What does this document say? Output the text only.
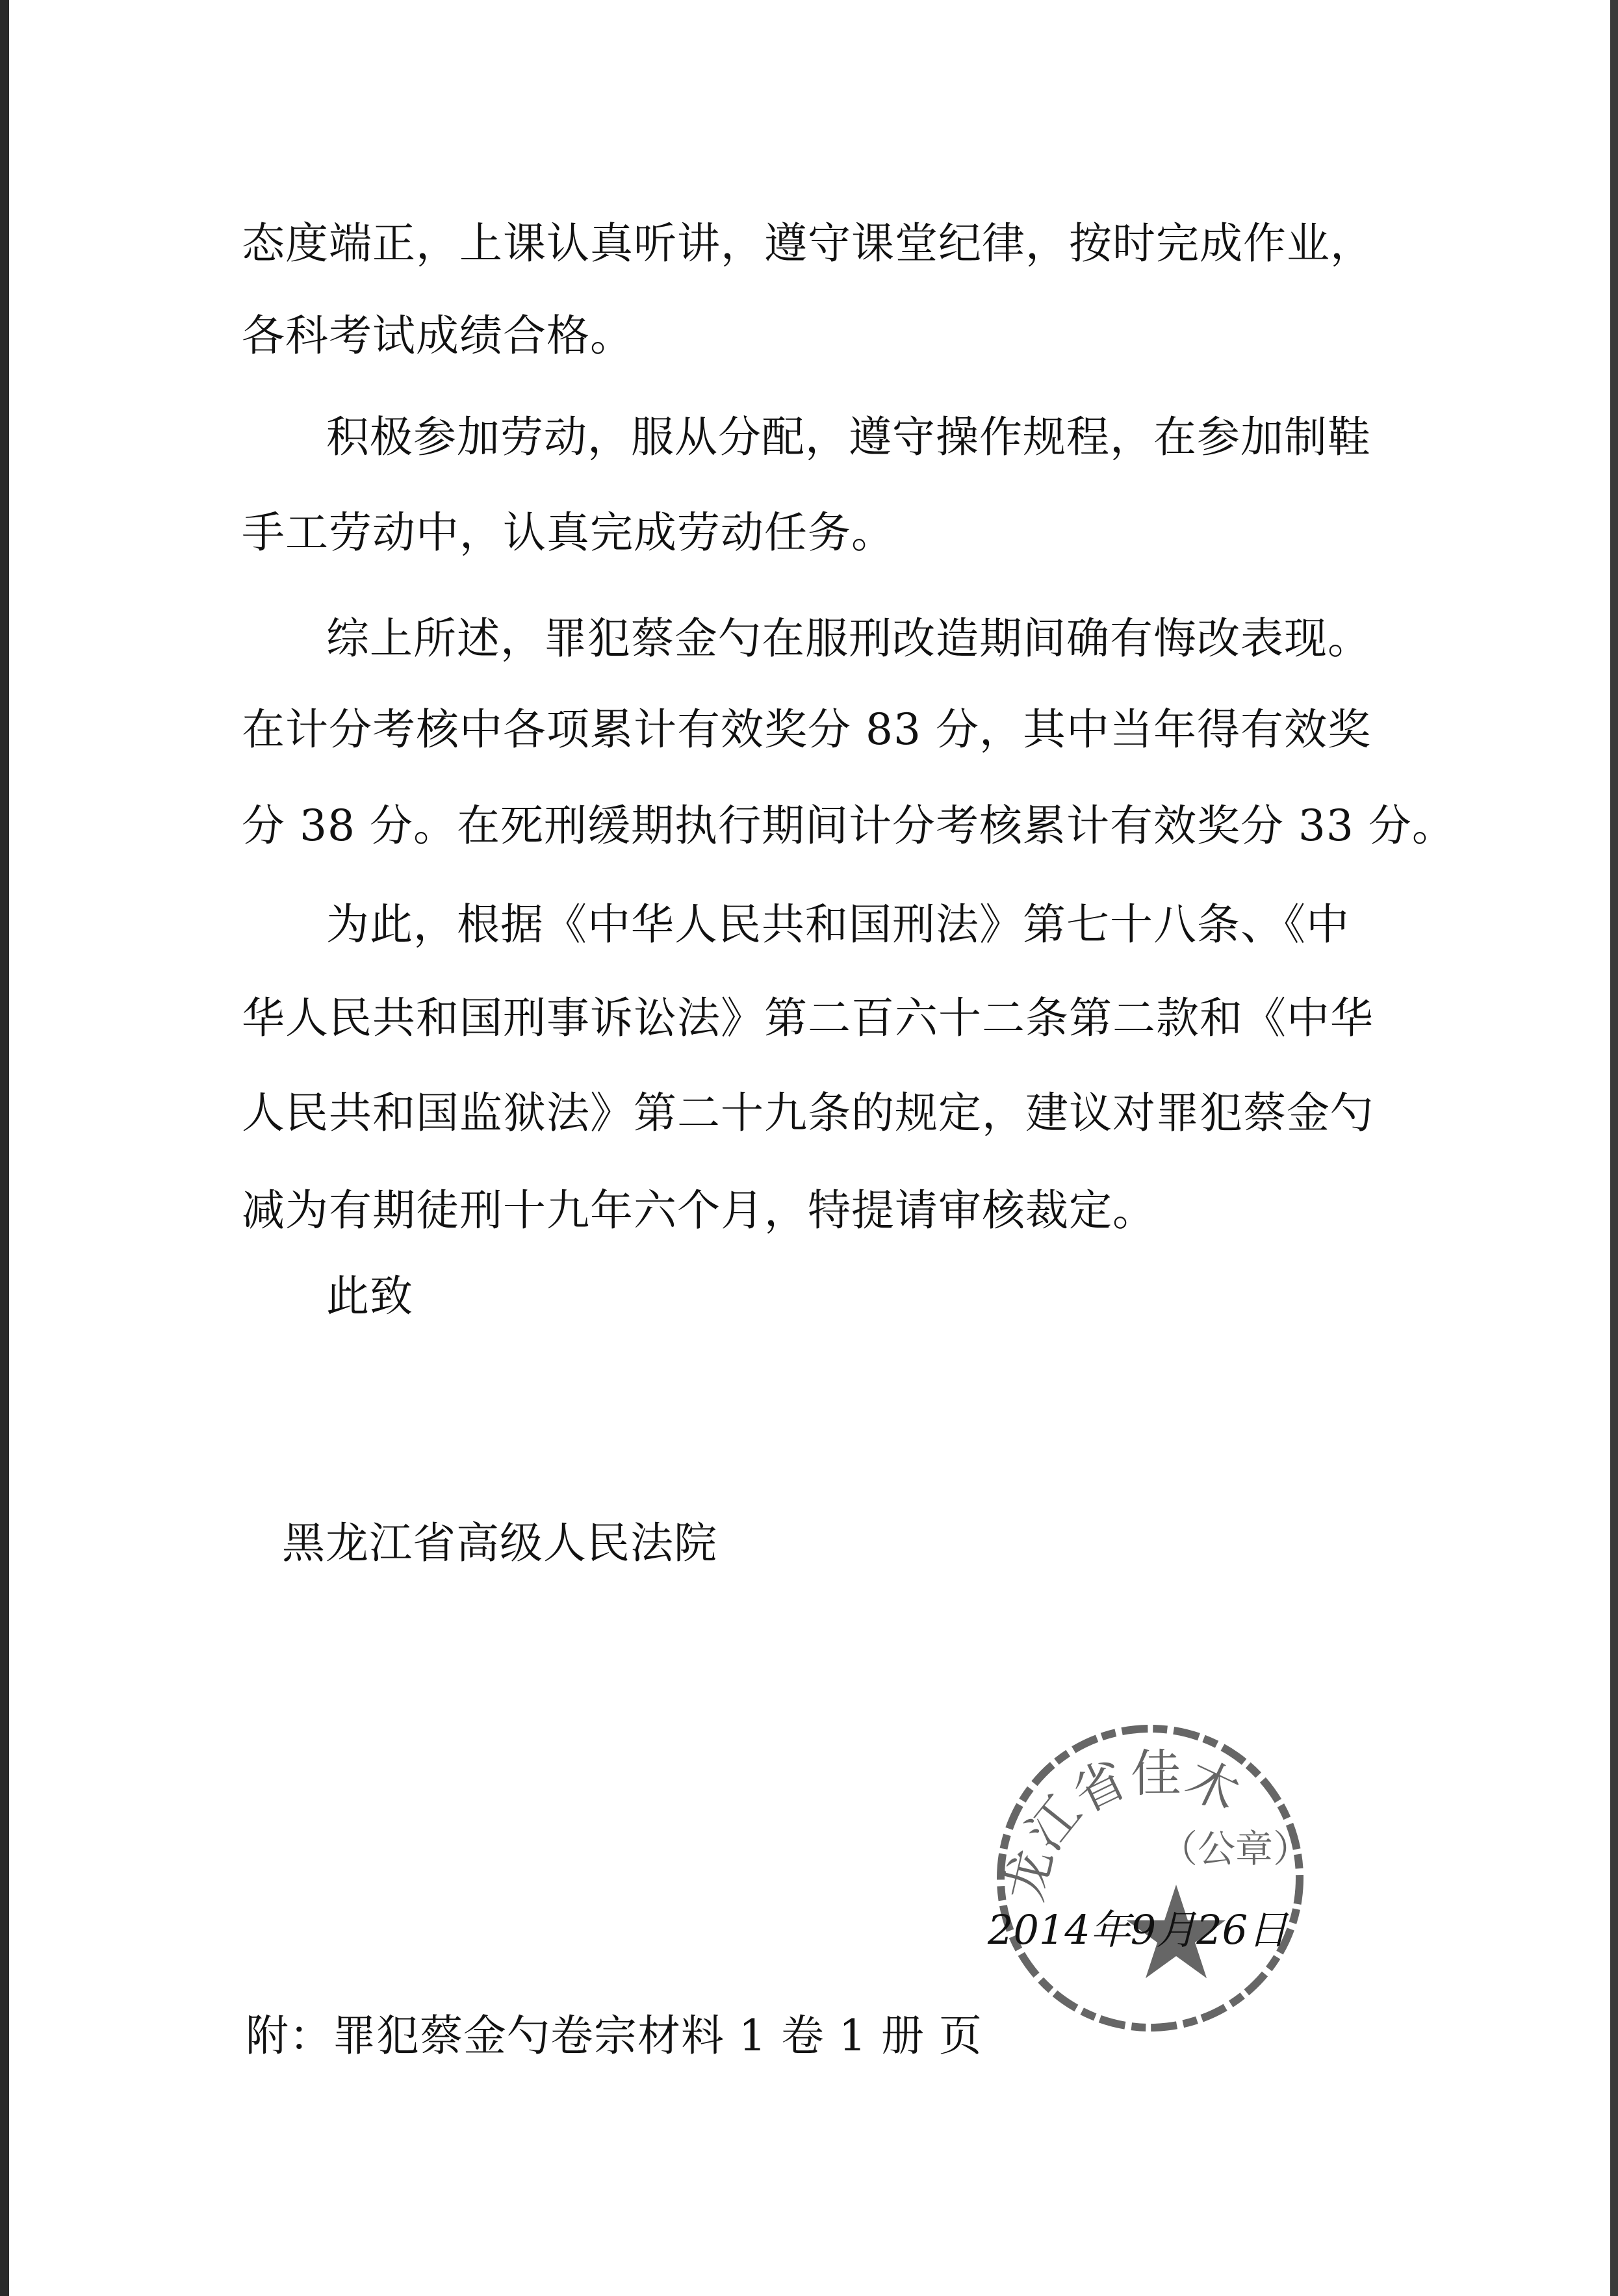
态度端正，上课认真听讲，遵守课堂纪律，按时完成作业，
各科考试成绩合格。
积极参加劳动，服从分配，遵守操作规程，在参加制鞋
手工劳动中，认真完成劳动任务。
综上所述，罪犯蔡金勺在服刑改造期间确有悔改表现。
在计分考核中各项累计有效奖分 83 分，其中当年得有效奖
分 38 分。在死刑缓期执行期间计分考核累计有效奖分 33 分。
为此，根据《中华人民共和国刑法》第七十八条、《中
华人民共和国刑事诉讼法》第二百六十二条第二款和《中华
人民共和国监狱法》第二十九条的规定，建议对罪犯蔡金勺
减为有期徒刑十九年六个月，特提请审核裁定。
此致
黑龙江省高级人民法院
龙江省佳木
（公章）
2014年9月26日
附：罪犯蔡金勺卷宗材料 1 卷 1 册 页
